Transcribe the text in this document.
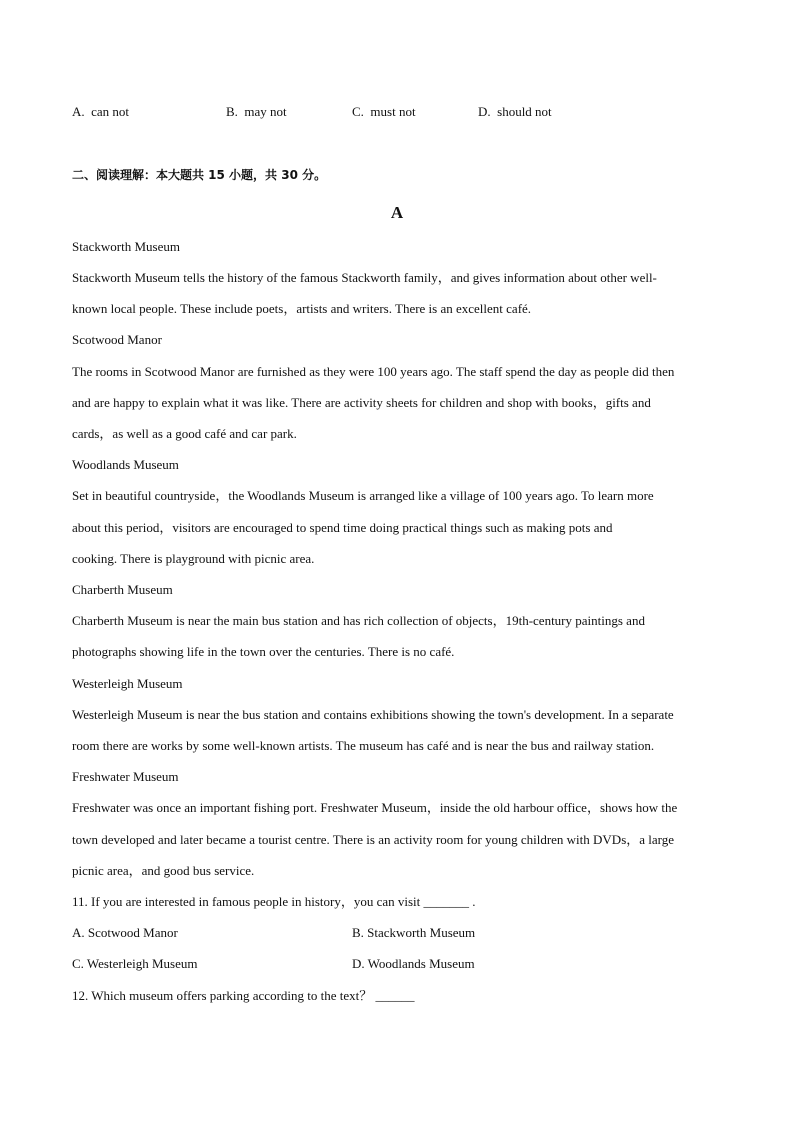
A. can not	B. may not	C. must not	D. should not
二、阅读理解：本大题共 15 小题，共 30 分。
A
Stackworth Museum
Stackworth Museum tells the history of the famous Stackworth family，and gives information about other well-
known local people. These include poets，artists and writers. There is an excellent café.
Scotwood Manor
The rooms in Scotwood Manor are furnished as they were 100 years ago. The staff spend the day as people did then
and are happy to explain what it was like. There are activity sheets for children and shop with books，gifts and
cards，as well as a good café and car park.
Woodlands Museum
Set in beautiful countryside，the Woodlands Museum is arranged like a village of 100 years ago. To learn more
about this period，visitors are encouraged to spend time doing practical things such as making pots and
cooking. There is playground with picnic area.
Charberth Museum
Charberth Museum is near the main bus station and has rich collection of objects，19th-century paintings and
photographs showing life in the town over the centuries. There is no café.
Westerleigh Museum
Westerleigh Museum is near the bus station and contains exhibitions showing the town's development. In a separate
room there are works by some well-known artists. The museum has café and is near the bus and railway station.
Freshwater Museum
Freshwater was once an important fishing port. Freshwater Museum，inside the old harbour office，shows how the
town developed and later became a tourist centre. There is an activity room for young children with DVDs，a large
picnic area，and good bus service.
11. If you are interested in famous people in history，you can visit _______ .
A. Scotwood Manor	B. Stackworth Museum
C. Westerleigh Museum	D. Woodlands Museum
12. Which museum offers parking according to the text？ ______
